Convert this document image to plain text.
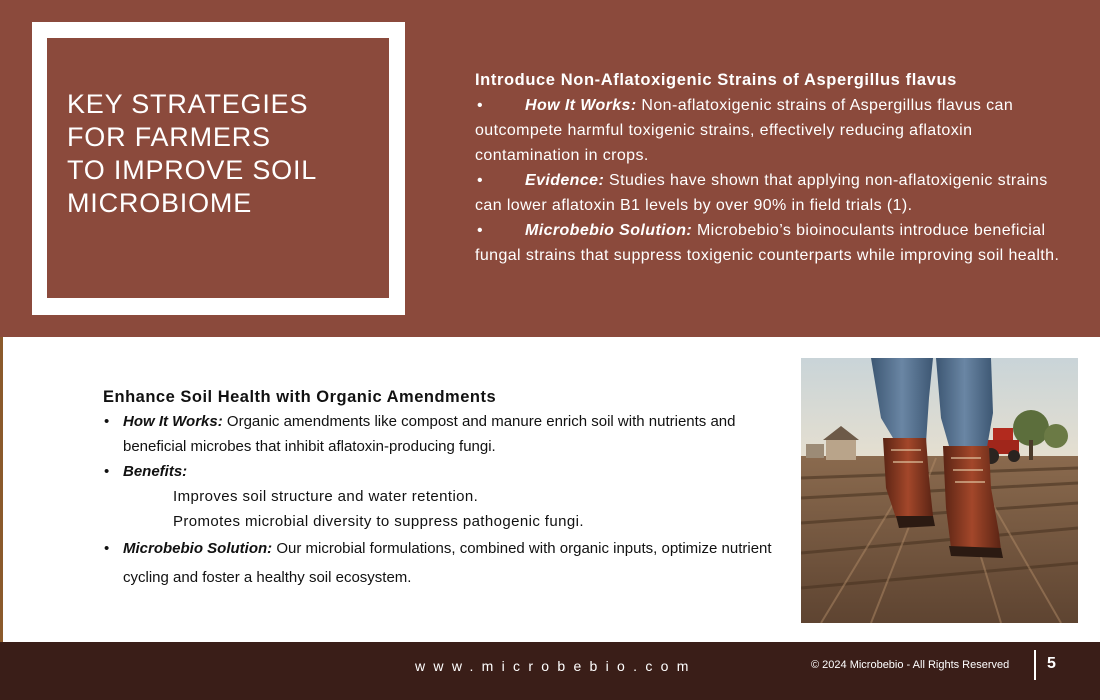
KEY STRATEGIES
FOR FARMERS
TO IMPROVE SOIL
MICROBIOME
Introduce Non-Aflatoxigenic Strains of Aspergillus flavus
•	How It Works: Non-aflatoxigenic strains of Aspergillus flavus can outcompete harmful toxigenic strains, effectively reducing aflatoxin contamination in crops.
•	Evidence: Studies have shown that applying non-aflatoxigenic strains can lower aflatoxin B1 levels by over 90% in field trials (1).
•	Microbebio Solution: Microbebio’s bioinoculants introduce beneficial fungal strains that suppress toxigenic counterparts while improving soil health.
Enhance Soil Health with Organic Amendments
• How It Works: Organic amendments like compost and manure enrich soil with nutrients and beneficial microbes that inhibit aflatoxin-producing fungi.
• Benefits:
Improves soil structure and water retention.
Promotes microbial diversity to suppress pathogenic fungi.
• Microbebio Solution: Our microbial formulations, combined with organic inputs, optimize nutrient cycling and foster a healthy soil ecosystem.
www.microbebio.com	© 2024 Microbebio - All Rights Reserved 5
